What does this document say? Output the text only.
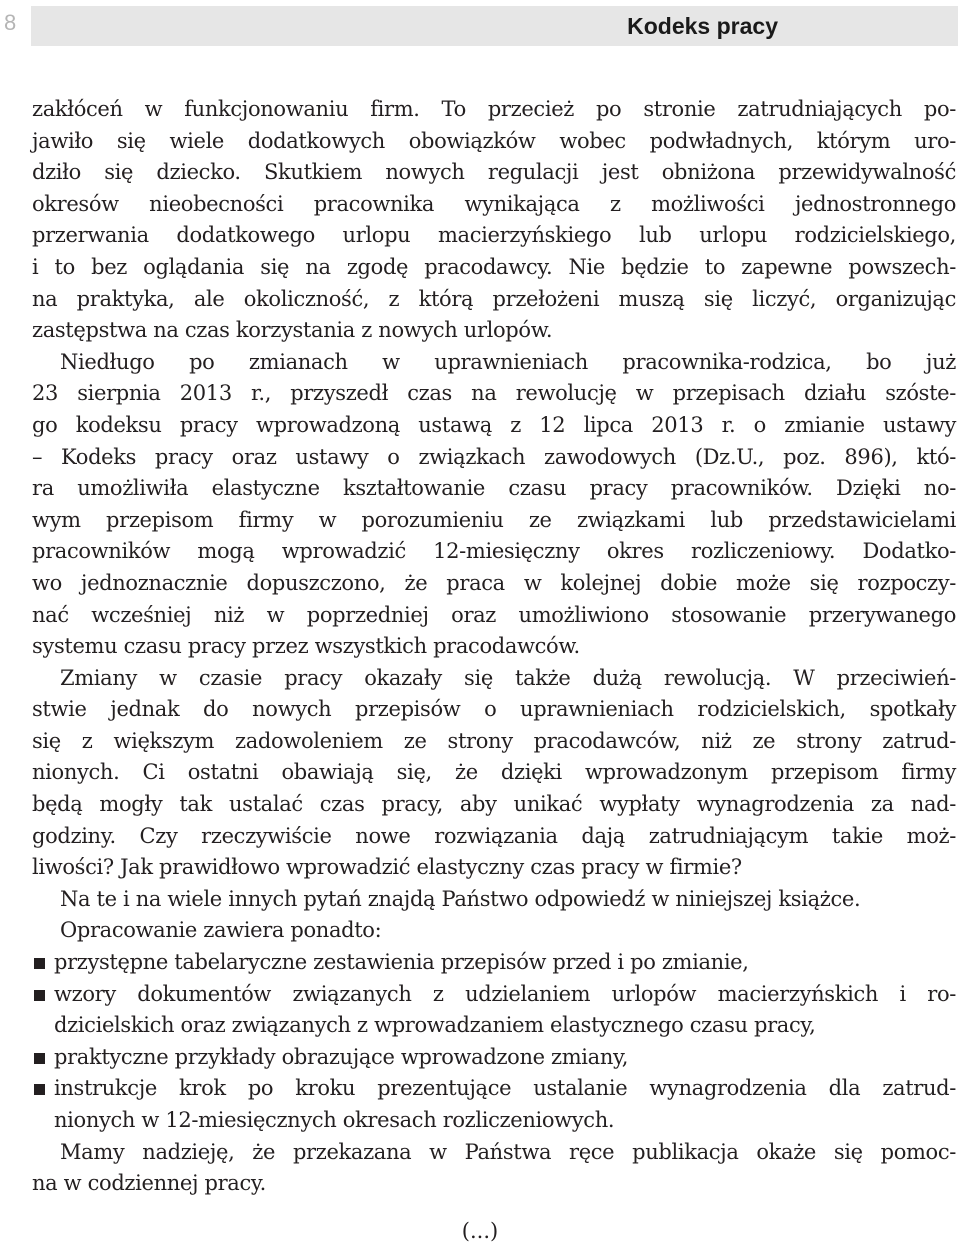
8	Kodeks pracy
zakłóceń w funkcjonowaniu firm. To przecież po stronie zatrudniających po-
jawiło się wiele dodatkowych obowiązków wobec podwładnych, którym uro-
dziło się dziecko. Skutkiem nowych regulacji jest obniżona przewidywalność
okresów nieobecności pracownika wynikająca z możliwości jednostronnego
przerwania dodatkowego urlopu macierzyńskiego lub urlopu rodzicielskiego,
i to bez oglądania się na zgodę pracodawcy. Nie będzie to zapewne powszech-
na praktyka, ale okoliczność, z którą przełożeni muszą się liczyć, organizując
zastępstwa na czas korzystania z nowych urlopów.
Niedługo po zmianach w uprawnieniach pracownika-rodzica, bo już
23 sierpnia 2013 r., przyszedł czas na rewolucję w przepisach działu szóste-
go kodeksu pracy wprowadzoną ustawą z 12 lipca 2013 r. o zmianie ustawy
– Kodeks pracy oraz ustawy o związkach zawodowych (Dz.U., poz. 896), któ-
ra umożliwiła elastyczne kształtowanie czasu pracy pracowników. Dzięki no-
wym przepisom firmy w porozumieniu ze związkami lub przedstawicielami
pracowników mogą wprowadzić 12-miesięczny okres rozliczeniowy. Dodatko-
wo jednoznacznie dopuszczono, że praca w kolejnej dobie może się rozpoczy-
nać wcześniej niż w poprzedniej oraz umożliwiono stosowanie przerywanego
systemu czasu pracy przez wszystkich pracodawców.
Zmiany w czasie pracy okazały się także dużą rewolucją. W przeciwień-
stwie jednak do nowych przepisów o uprawnieniach rodzicielskich, spotkały
się z większym zadowoleniem ze strony pracodawców, niż ze strony zatrud-
nionych. Ci ostatni obawiają się, że dzięki wprowadzonym przepisom firmy
będą mogły tak ustalać czas pracy, aby unikać wypłaty wynagrodzenia za nad-
godziny. Czy rzeczywiście nowe rozwiązania dają zatrudniającym takie moż-
liwości? Jak prawidłowo wprowadzić elastyczny czas pracy w firmie?
Na te i na wiele innych pytań znajdą Państwo odpowiedź w niniejszej książce.
Opracowanie zawiera ponadto:
przystępne tabelaryczne zestawienia przepisów przed i po zmianie,
wzory dokumentów związanych z udzielaniem urlopów macierzyńskich i ro-
dzicielskich oraz związanych z wprowadzaniem elastycznego czasu pracy,
praktyczne przykłady obrazujące wprowadzone zmiany,
instrukcje krok po kroku prezentujące ustalanie wynagrodzenia dla zatrud-
nionych w 12-miesięcznych okresach rozliczeniowych.
Mamy nadzieję, że przekazana w Państwa ręce publikacja okaże się pomoc-
na w codziennej pracy.
(...)
